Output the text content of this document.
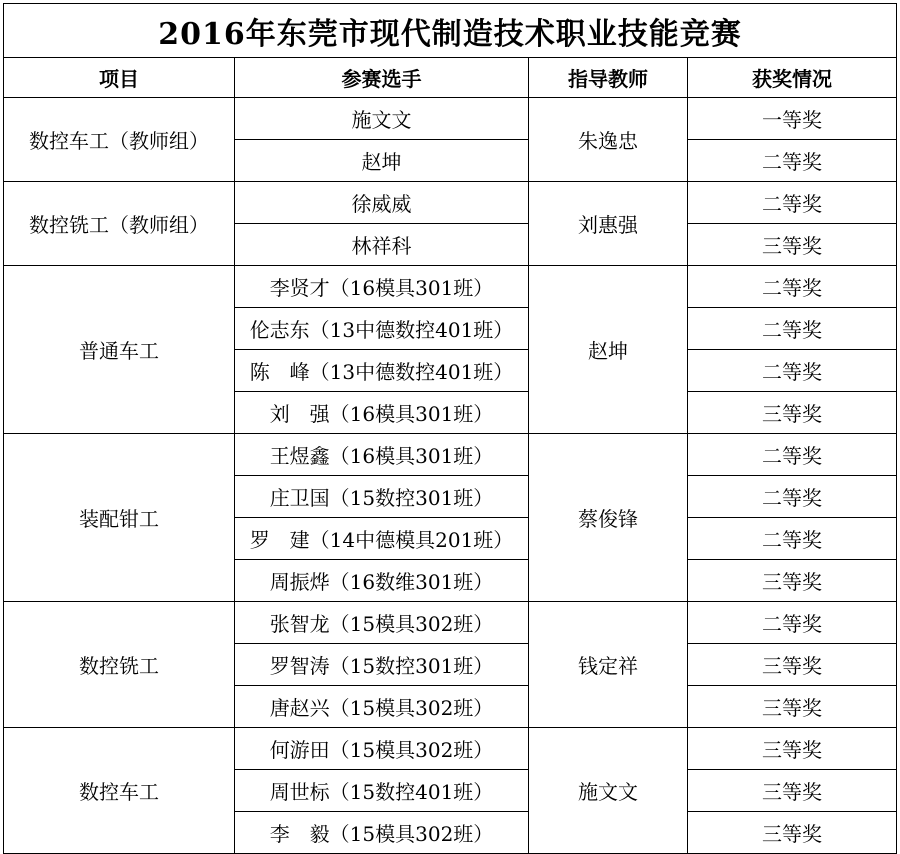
2016年东莞市现代制造技术职业技能竞赛			
项目	参赛选手	指导教师	获奖情况
数控车工（教师组）	施文文	朱逸忠	一等奖
	赵坤		二等奖
数控铣工（教师组）	徐威威	刘惠强	二等奖
	林祥科		三等奖
普通车工	李贤才（16模具301班）	赵坤	二等奖
	伦志东（13中德数控401班）		二等奖
	陈　峰（13中德数控401班）		二等奖
	刘　强（16模具301班）		三等奖
装配钳工	王煜鑫（16模具301班）	蔡俊锋	二等奖
	庄卫国（15数控301班）		二等奖
	罗　建（14中德模具201班）		二等奖
	周振烨（16数维301班）		三等奖
数控铣工	张智龙（15模具302班）	钱定祥	二等奖
	罗智涛（15数控301班）		三等奖
	唐赵兴（15模具302班）		三等奖
数控车工	何游田（15模具302班）	施文文	三等奖
	周世标（15数控401班）		三等奖
	李　毅（15模具302班）		三等奖
